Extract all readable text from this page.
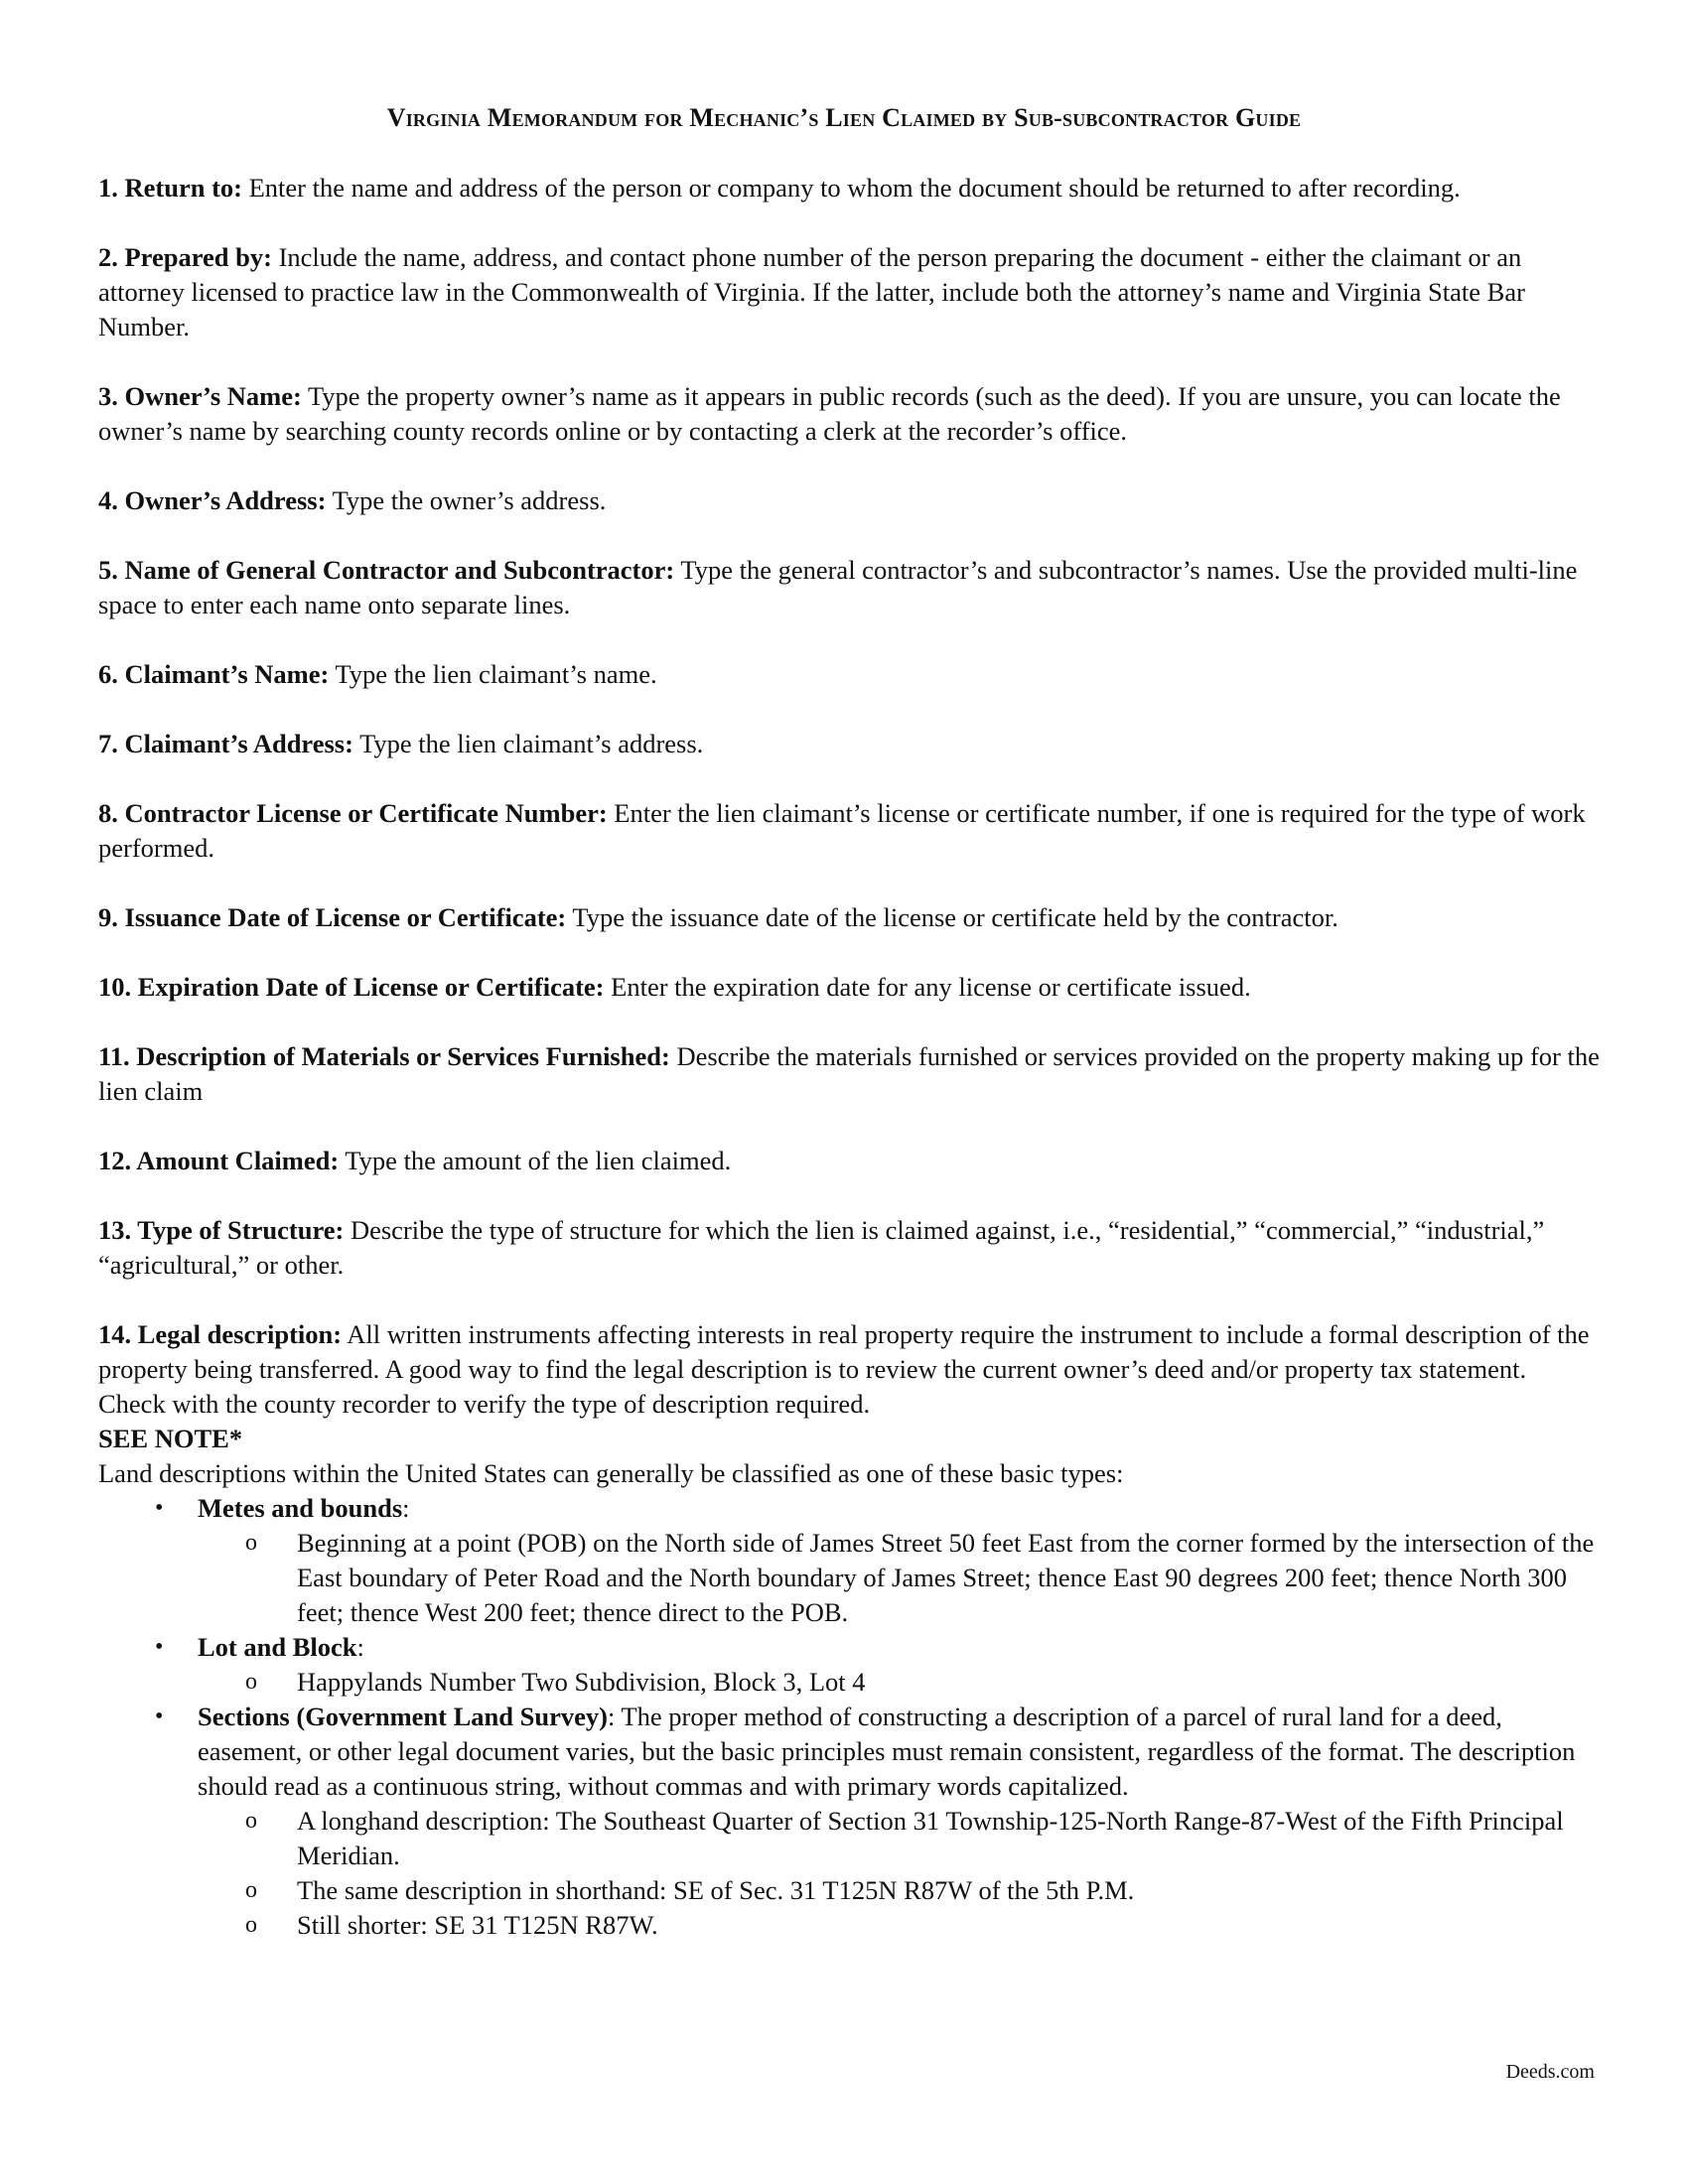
Virginia Memorandum for Mechanic’s Lien Claimed by Sub-subcontractor Guide

1. Return to: Enter the name and address of the person or company to whom the document should be returned to after recording.

2. Prepared by: Include the name, address, and contact phone number of the person preparing the document - either the claimant or an attorney licensed to practice law in the Commonwealth of Virginia. If the latter, include both the attorney’s name and Virginia State Bar Number.

3. Owner’s Name: Type the property owner’s name as it appears in public records (such as the deed). If you are unsure, you can locate the owner’s name by searching county records online or by contacting a clerk at the recorder’s office.

4. Owner’s Address: Type the owner’s address.

5. Name of General Contractor and Subcontractor: Type the general contractor’s and subcontractor’s names. Use the provided multi-line space to enter each name onto separate lines.

6. Claimant’s Name: Type the lien claimant’s name.

7. Claimant’s Address: Type the lien claimant’s address.

8. Contractor License or Certificate Number: Enter the lien claimant’s license or certificate number, if one is required for the type of work performed.

9. Issuance Date of License or Certificate: Type the issuance date of the license or certificate held by the contractor.

10. Expiration Date of License or Certificate: Enter the expiration date for any license or certificate issued.

11. Description of Materials or Services Furnished: Describe the materials furnished or services provided on the property making up for the lien claim

12. Amount Claimed: Type the amount of the lien claimed.

13. Type of Structure: Describe the type of structure for which the lien is claimed against, i.e., “residential,” “commercial,” “industrial,” “agricultural,” or other.

14. Legal description: All written instruments affecting interests in real property require the instrument to include a formal description of the property being transferred. A good way to find the legal description is to review the current owner’s deed and/or property tax statement. Check with the county recorder to verify the type of description required.

SEE NOTE*

Land descriptions within the United States can generally be classified as one of these basic types:

• Metes and bounds:
o Beginning at a point (POB) on the North side of James Street 50 feet East from the corner formed by the intersection of the East boundary of Peter Road and the North boundary of James Street; thence East 90 degrees 200 feet; thence North 300 feet; thence West 200 feet; thence direct to the POB.
• Lot and Block:
o Happylands Number Two Subdivision, Block 3, Lot 4
• Sections (Government Land Survey): The proper method of constructing a description of a parcel of rural land for a deed, easement, or other legal document varies, but the basic principles must remain consistent, regardless of the format. The description should read as a continuous string, without commas and with primary words capitalized.
o A longhand description: The Southeast Quarter of Section 31 Township-125-North Range-87-West of the Fifth Principal Meridian.
o The same description in shorthand: SE of Sec. 31 T125N R87W of the 5th P.M.
o Still shorter: SE 31 T125N R87W.
Deeds.com
